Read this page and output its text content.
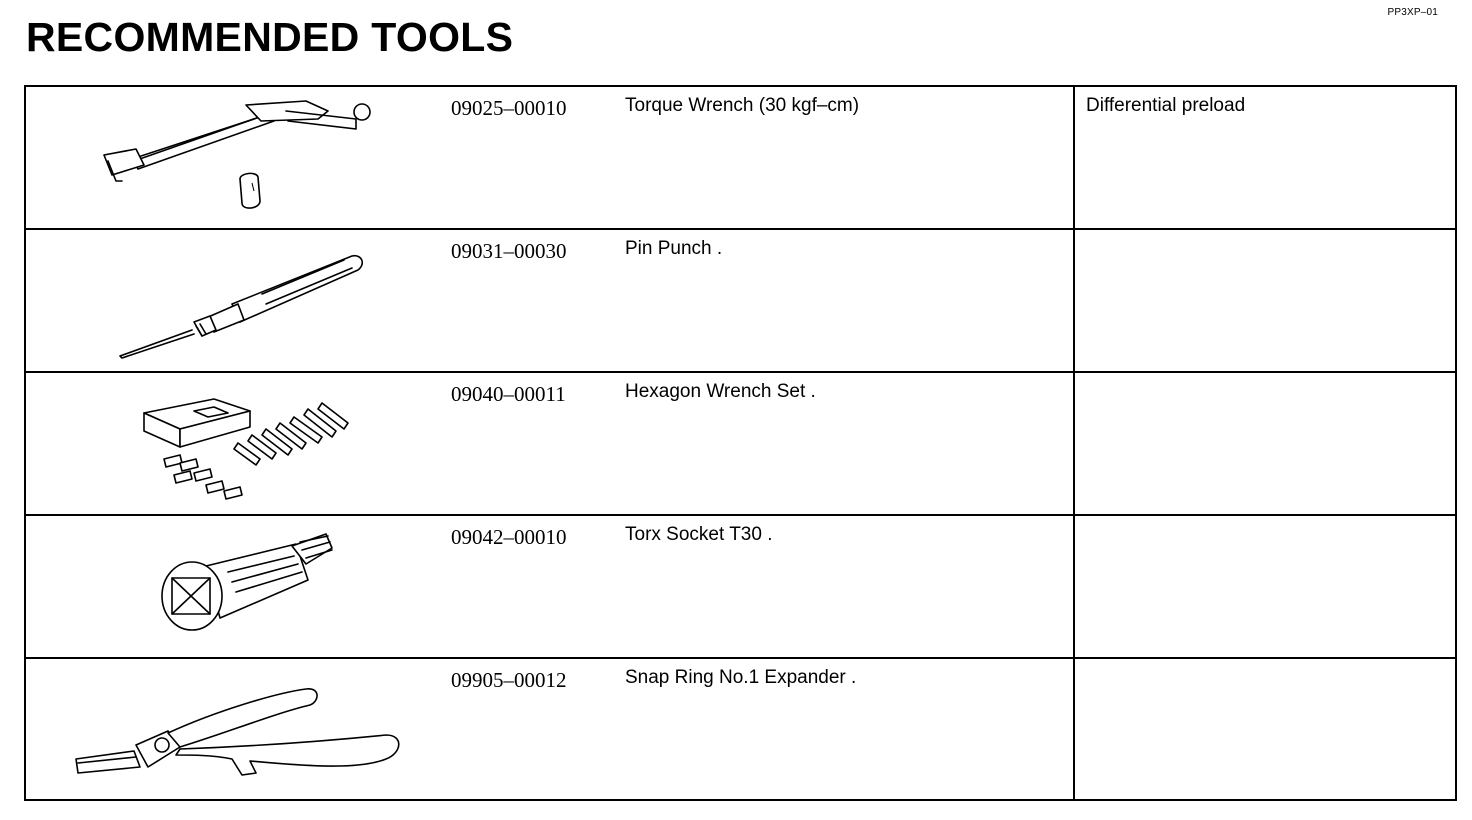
PP3XP–01
RECOMMENDED TOOLS
09025–00010	Torque Wrench (30 kgf–cm)	Differential preload
09031–00030	Pin Punch .
09040–00011	Hexagon Wrench Set .
09042–00010	Torx Socket T30 .
09905–00012	Snap Ring No.1 Expander .
